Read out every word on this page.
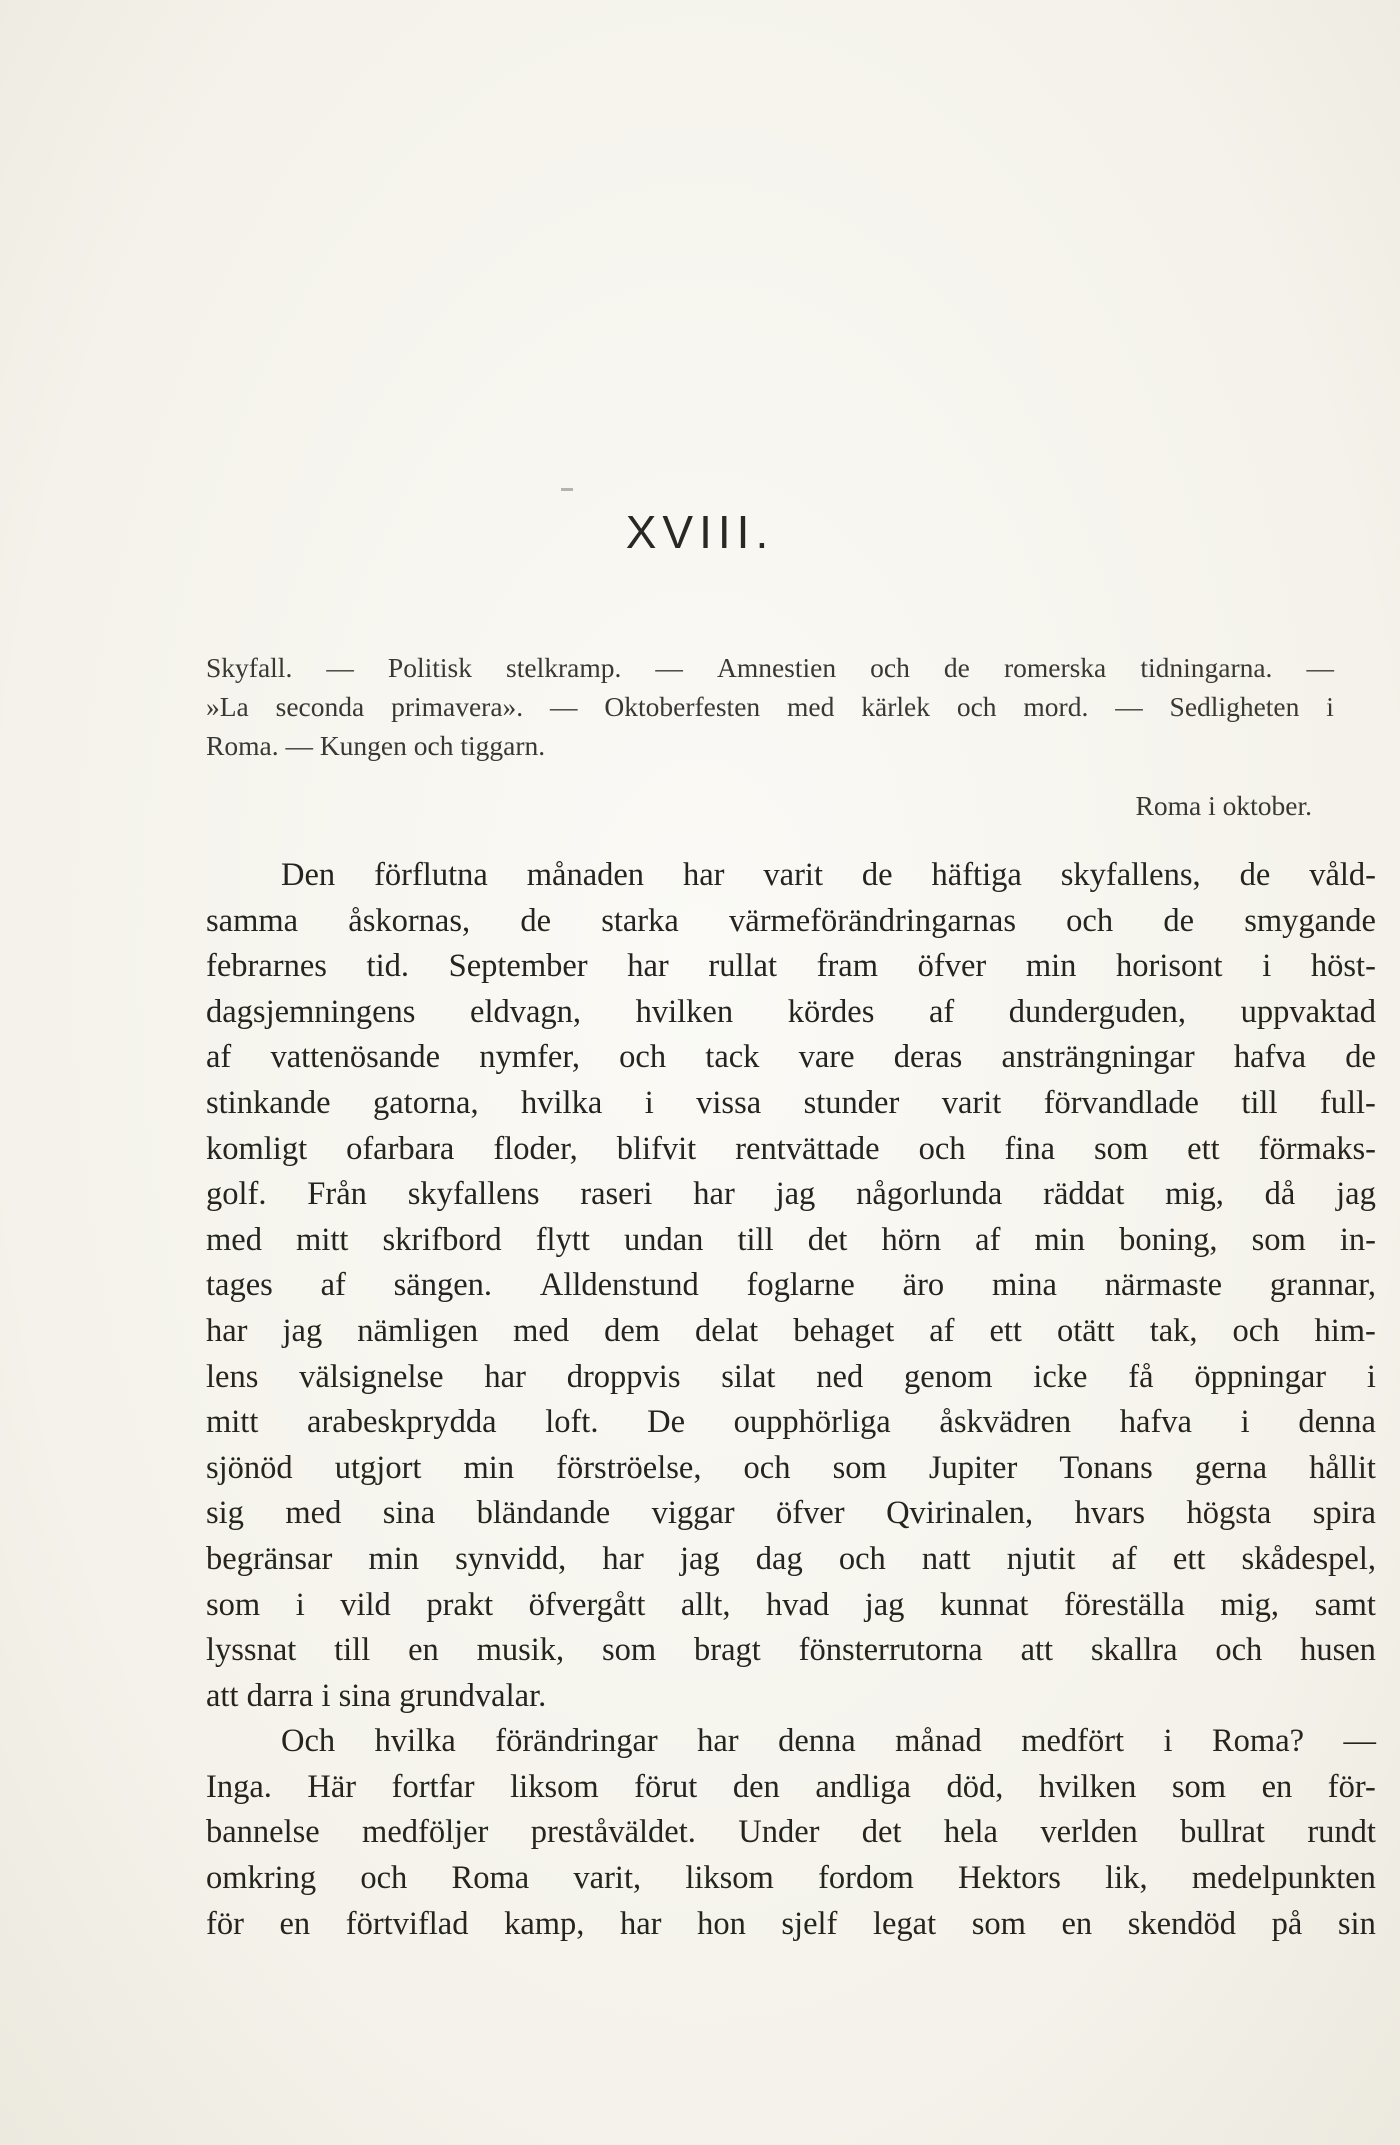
XVIII.
Skyfall. — Politisk stelkramp. — Amnestien och de romerska tidningarna. —
»La seconda primavera». — Oktoberfesten med kärlek och mord. — Sedligheten i
Roma. — Kungen och tiggarn.
Roma i oktober.
Den förflutna månaden har varit de häftiga skyfallens, de våld-
samma åskornas, de starka värmeförändringarnas och de smygande
febrarnes tid. September har rullat fram öfver min horisont i höst-
dagsjemningens eldvagn, hvilken kördes af dunderguden, uppvaktad
af vattenösande nymfer, och tack vare deras ansträngningar hafva de
stinkande gatorna, hvilka i vissa stunder varit förvandlade till full-
komligt ofarbara floder, blifvit rentvättade och fina som ett förmaks-
golf. Från skyfallens raseri har jag någorlunda räddat mig, då jag
med mitt skrifbord flytt undan till det hörn af min boning, som in-
tages af sängen. Alldenstund foglarne äro mina närmaste grannar,
har jag nämligen med dem delat behaget af ett otätt tak, och him-
lens välsignelse har droppvis silat ned genom icke få öppningar i
mitt arabeskprydda loft. De oupphörliga åskvädren hafva i denna
sjönöd utgjort min förströelse, och som Jupiter Tonans gerna hållit
sig med sina bländande viggar öfver Qvirinalen, hvars högsta spira
begränsar min synvidd, har jag dag och natt njutit af ett skådespel,
som i vild prakt öfvergått allt, hvad jag kunnat föreställa mig, samt
lyssnat till en musik, som bragt fönsterrutorna att skallra och husen
att darra i sina grundvalar.
Och hvilka förändringar har denna månad medfört i Roma? —
Inga. Här fortfar liksom förut den andliga död, hvilken som en för-
bannelse medföljer preståväldet. Under det hela verlden bullrat rundt
omkring och Roma varit, liksom fordom Hektors lik, medelpunkten
för en förtviflad kamp, har hon sjelf legat som en skendöd på sin
